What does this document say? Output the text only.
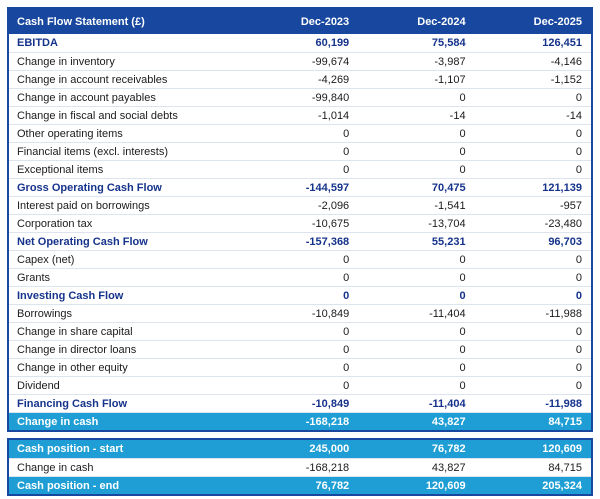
Cash Flow Statement (£)	Dec-2023	Dec-2024	Dec-2025
EBITDA	60,199	75,584	126,451
Change in inventory	-99,674	-3,987	-4,146
Change in account receivables	-4,269	-1,107	-1,152
Change in account payables	-99,840	0	0
Change in fiscal and social debts	-1,014	-14	-14
Other operating items	0	0	0
Financial items (excl. interests)	0	0	0
Exceptional items	0	0	0
Gross Operating Cash Flow	-144,597	70,475	121,139
Interest paid on borrowings	-2,096	-1,541	-957
Corporation tax	-10,675	-13,704	-23,480
Net Operating Cash Flow	-157,368	55,231	96,703
Capex (net)	0	0	0
Grants	0	0	0
Investing Cash Flow	0	0	0
Borrowings	-10,849	-11,404	-11,988
Change in share capital	0	0	0
Change in director loans	0	0	0
Change in other equity	0	0	0
Dividend	0	0	0
Financing Cash Flow	-10,849	-11,404	-11,988
Change in cash	-168,218	43,827	84,715
Cash position - start	245,000	76,782	120,609
Change in cash	-168,218	43,827	84,715
Cash position - end	76,782	120,609	205,324
